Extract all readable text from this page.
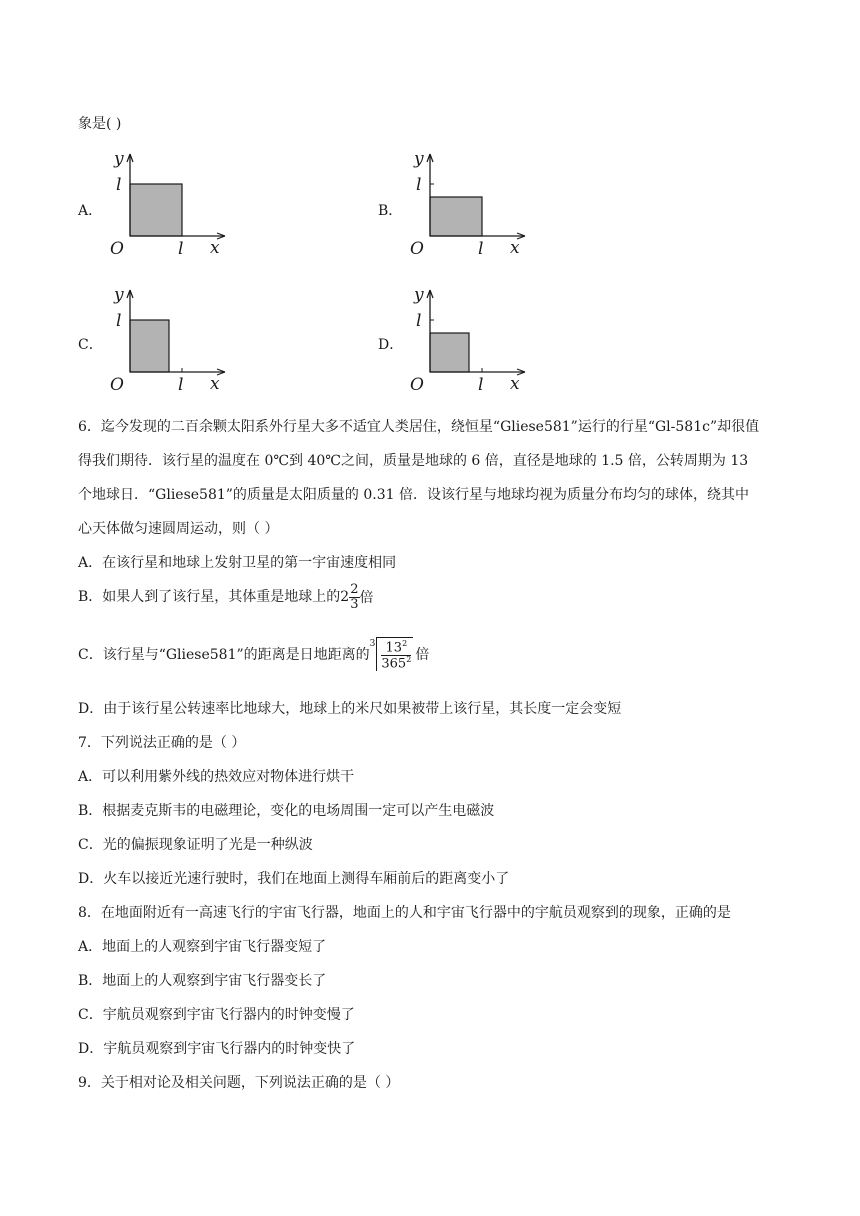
象是( )
A．
l
l
O
y
x
B．
l
l
O
y
x
C．
l
l
O
y
x
D．
l
l
O
y
x
6．迄今发现的二百余颗太阳系外行星大多不适宜人类居住，绕恒星“Gliese581”运行的行星“Gl-581c”却很值
得我们期待．该行星的温度在 0℃到 40℃之间，质量是地球的 6 倍，直径是地球的 1.5 倍，公转周期为 13
个地球日．“Gliese581”的质量是太阳质量的 0.31 倍．设该行星与地球均视为质量分布均匀的球体，绕其中
心天体做匀速圆周运动，则（ ）
A．在该行星和地球上发射卫星的第一宇宙速度相同
B．如果人到了该行星，其体重是地球上的$2 \frac{2}{3}$ 倍
C．该行星与“Gliese581”的距离是日地距离的$^3 \frac{13^2}{365^2}$ 倍
D．由于该行星公转速率比地球大，地球上的米尺如果被带上该行星，其长度一定会变短
7．下列说法正确的是（ ）
A．可以利用紫外线的热效应对物体进行烘干
B．根据麦克斯韦的电磁理论，变化的电场周围一定可以产生电磁波
C．光的偏振现象证明了光是一种纵波
D．火车以接近光速行驶时，我们在地面上测得车厢前后的距离变小了
8．在地面附近有一高速飞行的宇宙飞行器，地面上的人和宇宙飞行器中的宇航员观察到的现象，正确的是
A．地面上的人观察到宇宙飞行器变短了
B．地面上的人观察到宇宙飞行器变长了
C．宇航员观察到宇宙飞行器内的时钟变慢了
D．宇航员观察到宇宙飞行器内的时钟变快了
9．关于相对论及相关问题，下列说法正确的是（ ）
